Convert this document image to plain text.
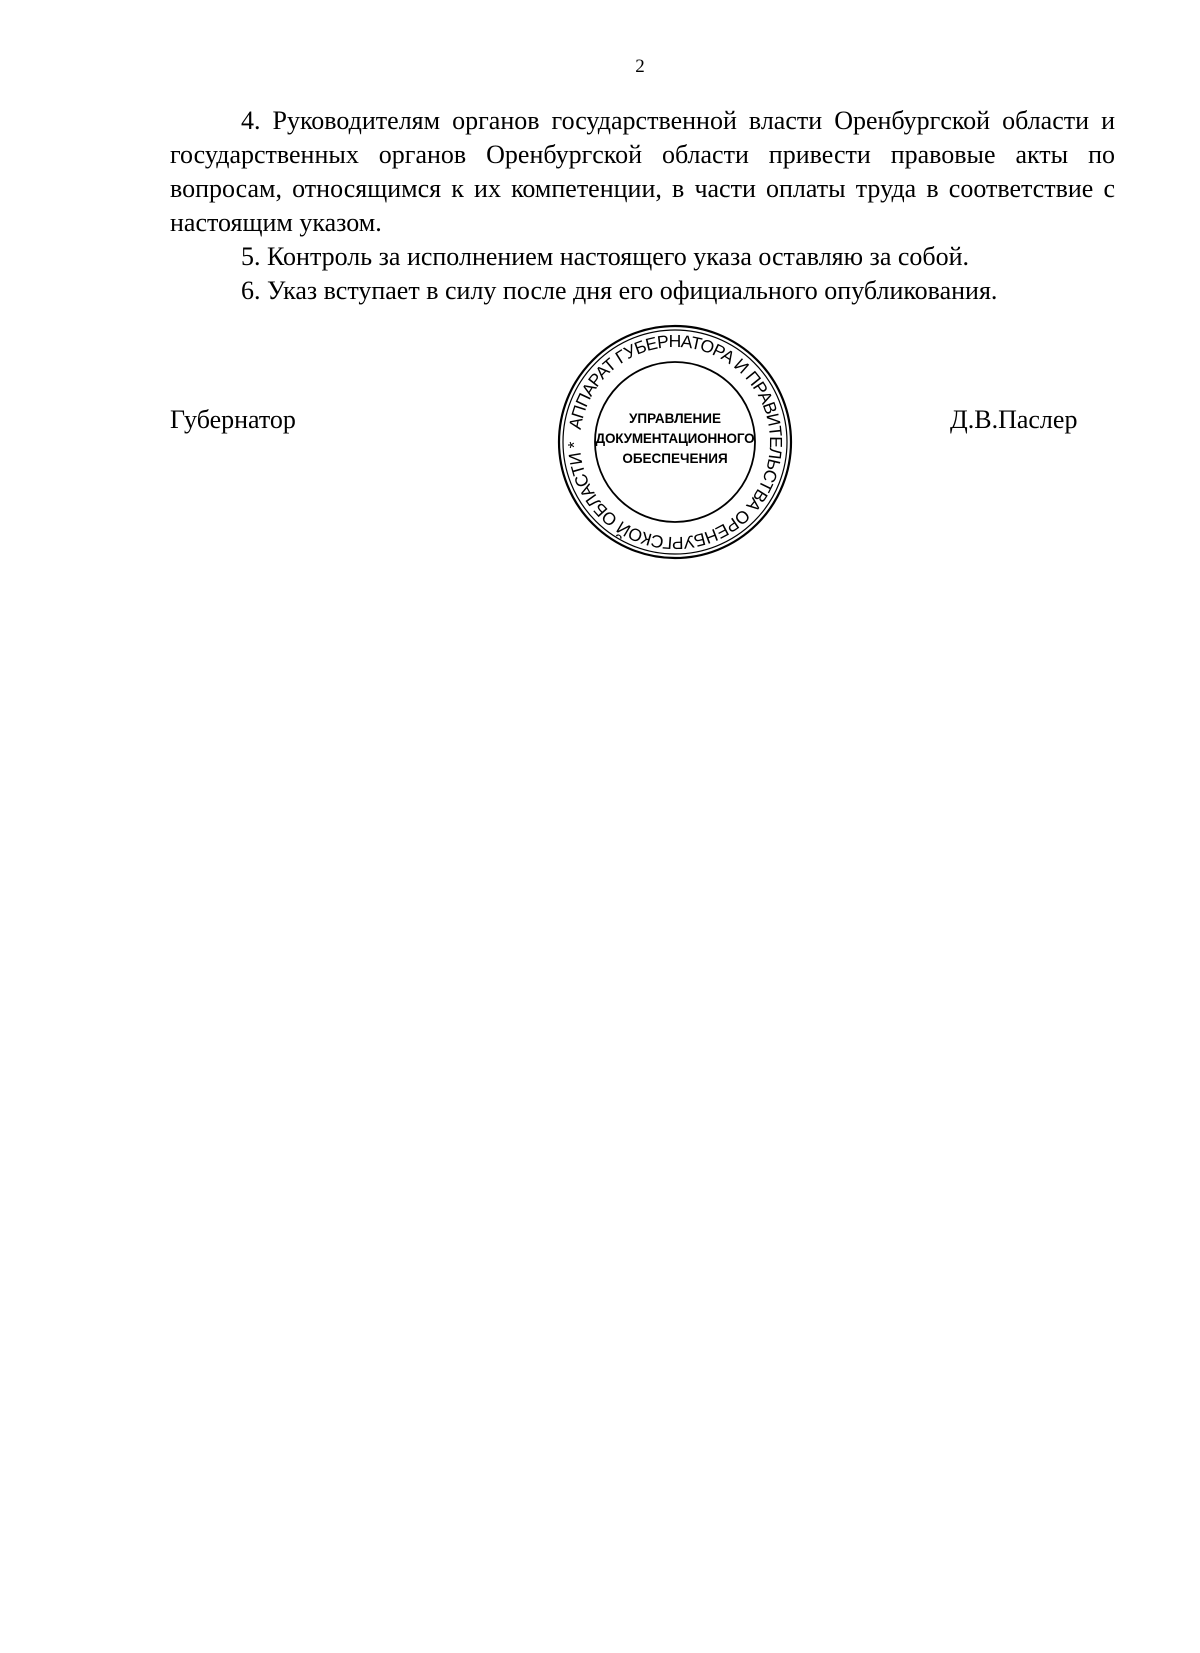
2

4. Руководителям органов государственной власти Оренбургской области и государственных органов Оренбургской области привести правовые акты по вопросам, относящимся к их компетенции, в части оплаты труда в соответствие с настоящим указом.

5. Контроль за исполнением настоящего указа оставляю за собой.

6. Указ вступает в силу после дня его официального опубликования.

Губернатор	АППАРАТ ГУБЕРНАТОРА И ПРАВИТЕЛЬСТВА ОРЕНБУРГСКОЙ ОБЛАСТИ *
УПРАВЛЕНИЕ
ДОКУМЕНТАЦИОННОГО
ОБЕСПЕЧЕНИЯ
Д.В.Паслер
